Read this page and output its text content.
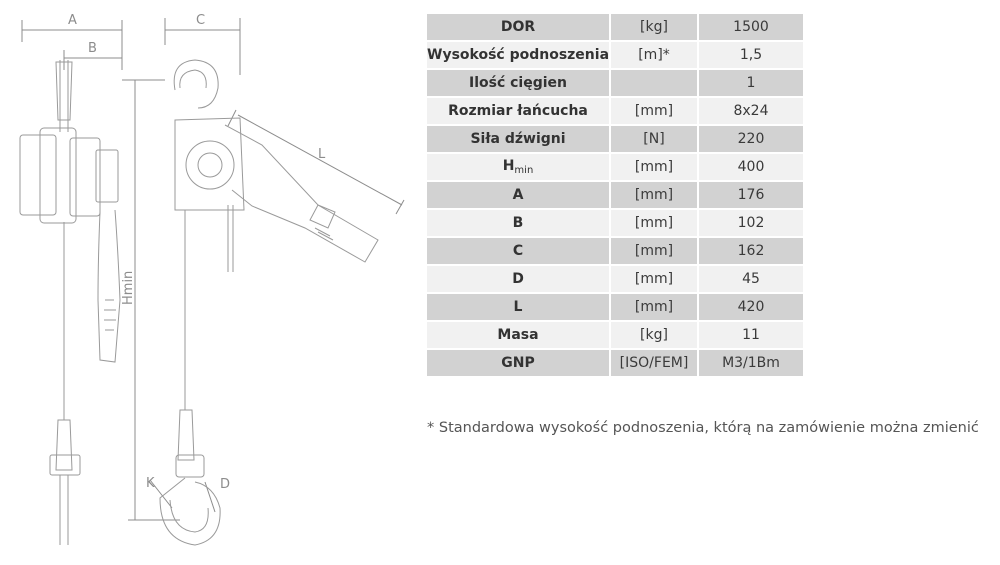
A
B
C
L
Hmin
K	D
DOR	[kg]	1500
Wysokość podnoszenia	[m]*	1,5
Ilość cięgien		1
Rozmiar łańcucha	[mm]	8x24
Siła dźwigni	[N]	220
$H_{min}$	[mm]	400
A	[mm]	176
B	[mm]	102
C	[mm]	162
D	[mm]	45
L	[mm]	420
Masa	[kg]	11
GNP	[ISO/FEM]	M3/1Bm
* Standardowa wysokość podnoszenia, którą na zamówienie można zmienić
